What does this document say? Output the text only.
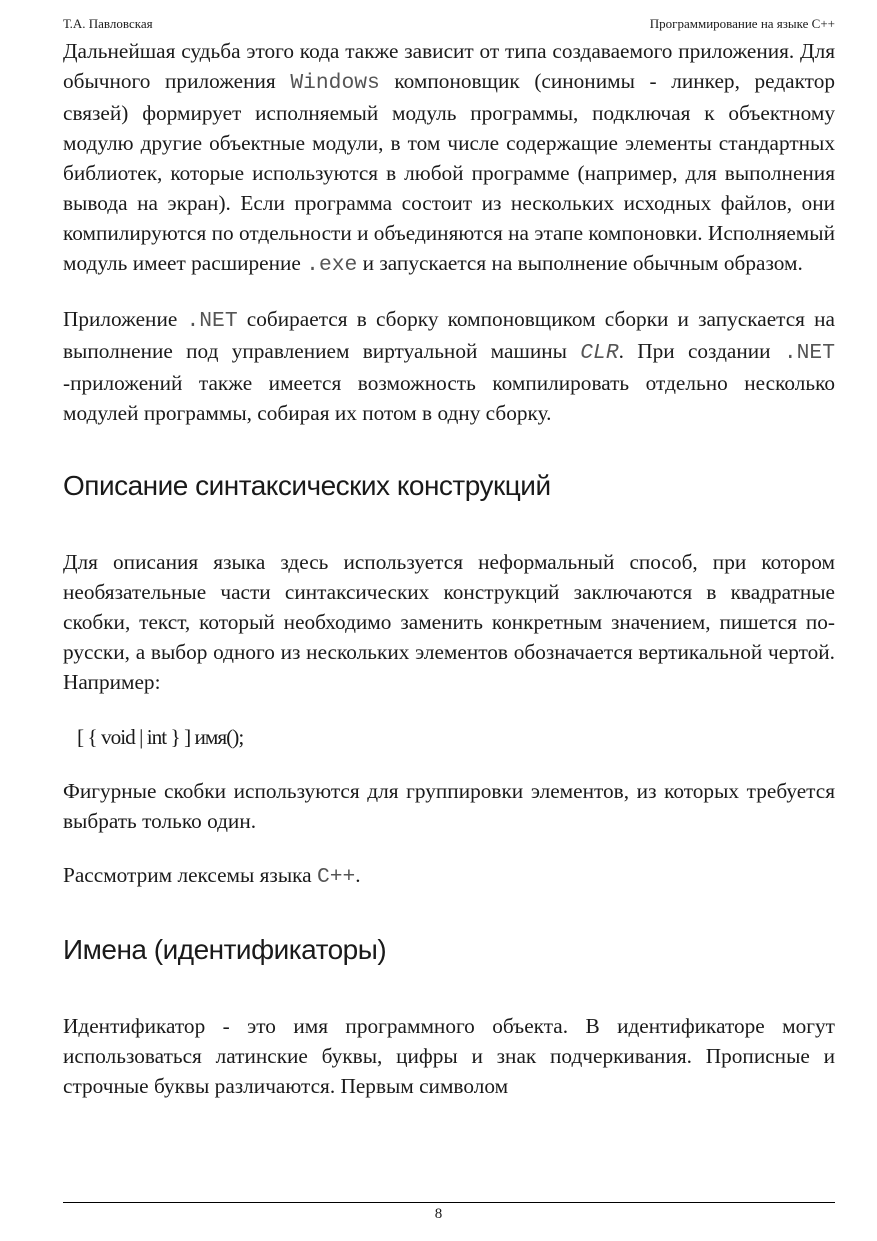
Т.А. Павловская	Программирование на языке С++

Дальнейшая судьба этого кода также зависит от типа создаваемого приложения. Для обычного приложения Windows компоновщик (синонимы - линкер, редактор связей) формирует исполняемый модуль программы, подключая к объектному модулю другие объектные модули, в том числе содержащие элементы стандартных библиотек, которые используются в любой программе (например, для выполнения вывода на экран). Если программа состоит из нескольких исходных файлов, они компилируются по отдельности и объединяются на этапе компоновки. Исполняемый модуль имеет расширение .exe и запускается на выполнение обычным образом.

Приложение .NET собирается в сборку компоновщиком сборки и запускается на выполнение под управлением виртуальной машины CLR. При создании .NET -приложений также имеется возможность компилировать отдельно несколько модулей программы, собирая их потом в одну сборку.

Описание синтаксических конструкций

Для описания языка здесь используется неформальный способ, при котором необязательные части синтаксических конструкций заключаются в квадратные скобки, текст, который необходимо заменить конкретным значением, пишется по-русски, а выбор одного из нескольких элементов обозначается вертикальной чертой. Например:

[ { void | int } ] имя();

Фигурные скобки используются для группировки элементов, из которых требуется выбрать только один.

Рассмотрим лексемы языка C++.

Имена (идентификаторы)

Идентификатор - это имя программного объекта. В идентификаторе могут использоваться латинские буквы, цифры и знак подчеркивания. Прописные и строчные буквы различаются. Первым символом

8
